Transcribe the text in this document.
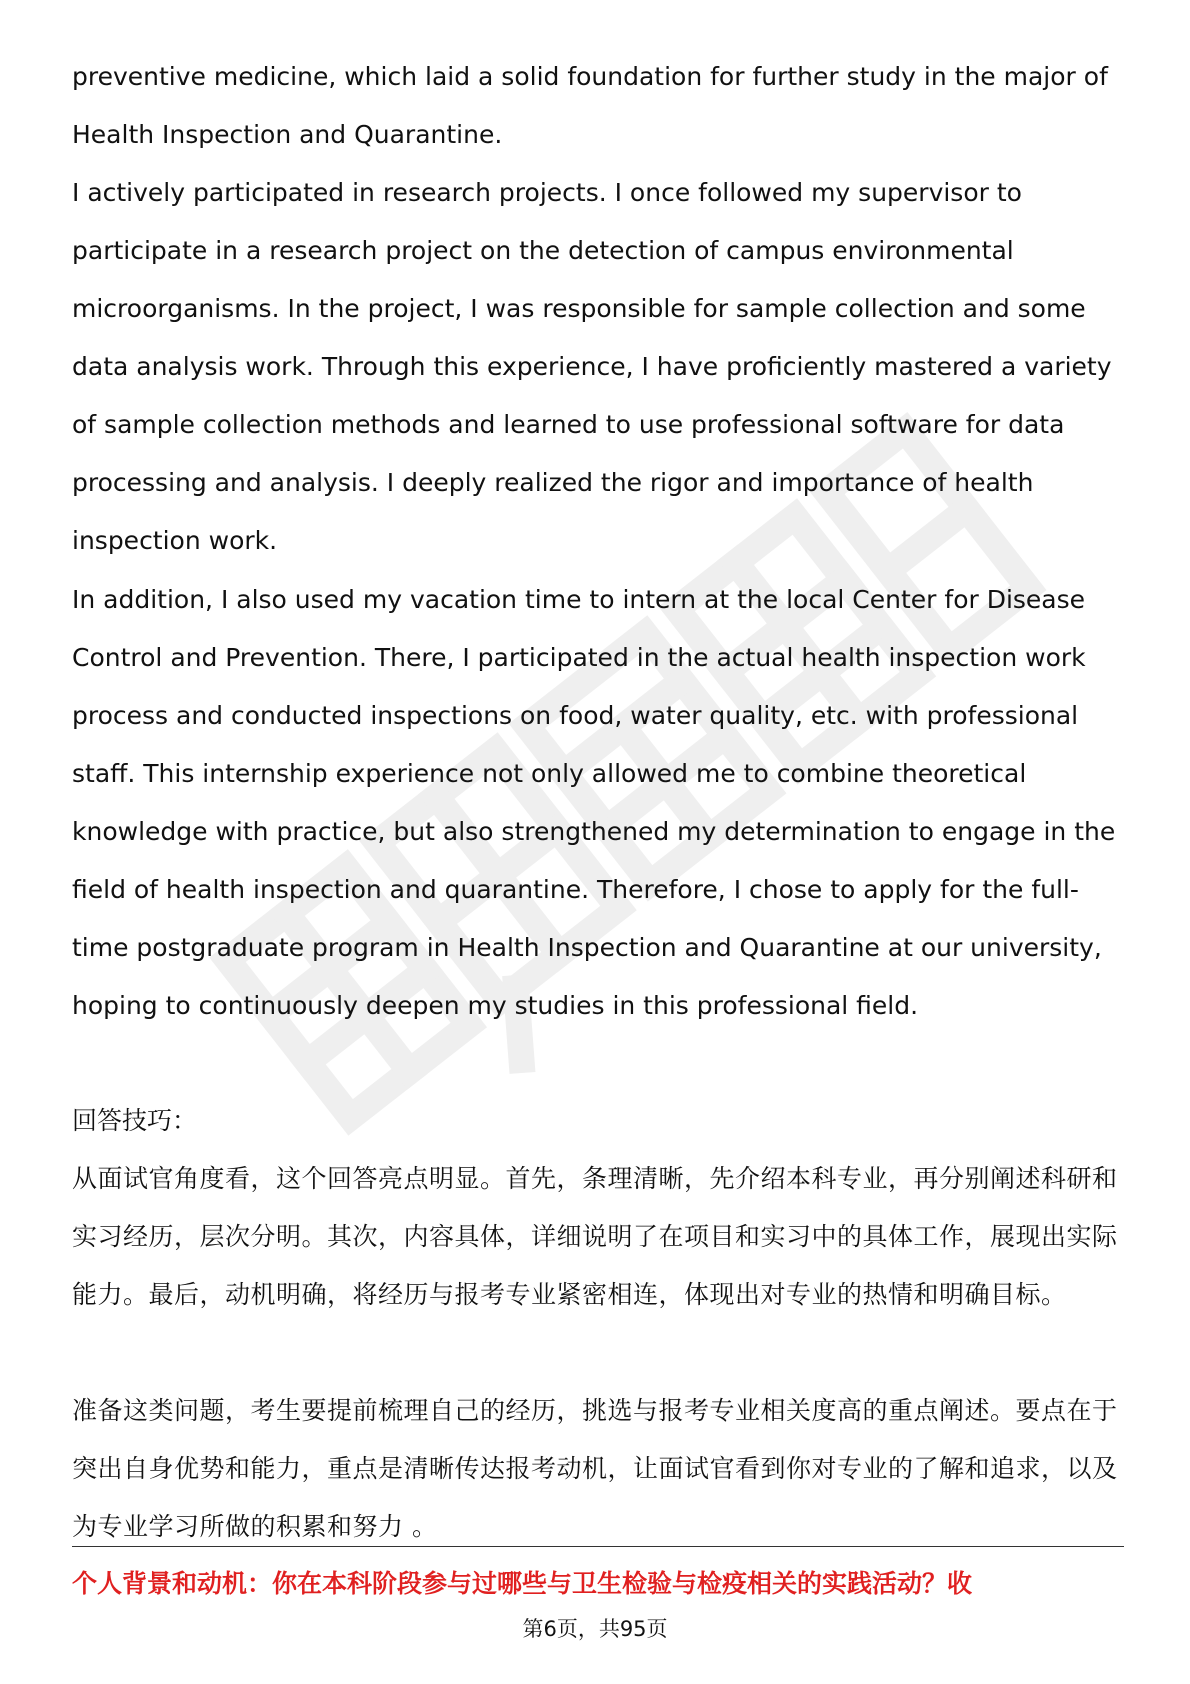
preventive medicine, which laid a solid foundation for further study in the major of Health Inspection and Quarantine.

I actively participated in research projects. I once followed my supervisor to participate in a research project on the detection of campus environmental microorganisms. In the project, I was responsible for sample collection and some data analysis work. Through this experience, I have proficiently mastered a variety of sample collection methods and learned to use professional software for data processing and analysis. I deeply realized the rigor and importance of health inspection work.

In addition, I also used my vacation time to intern at the local Center for Disease Control and Prevention. There, I participated in the actual health inspection work process and conducted inspections on food, water quality, etc. with professional staff. This internship experience not only allowed me to combine theoretical knowledge with practice, but also strengthened my determination to engage in the field of health inspection and quarantine. Therefore, I chose to apply for the full-time postgraduate program in Health Inspection and Quarantine at our university, hoping to continuously deepen my studies in this professional field.

回答技巧：

从面试官角度看，这个回答亮点明显。首先，条理清晰，先介绍本科专业，再分别阐述科研和实习经历，层次分明。其次，内容具体，详细说明了在项目和实习中的具体工作，展现出实际能力。最后，动机明确，将经历与报考专业紧密相连，体现出对专业的热情和明确目标。

准备这类问题，考生要提前梳理自己的经历，挑选与报考专业相关度高的重点阐述。要点在于突出自身优势和能力，重点是清晰传达报考动机，让面试官看到你对专业的了解和追求，以及为专业学习所做的积累和努力 。

个人背景和动机：你在本科阶段参与过哪些与卫生检验与检疫相关的实践活动？收

第6页，共95页
